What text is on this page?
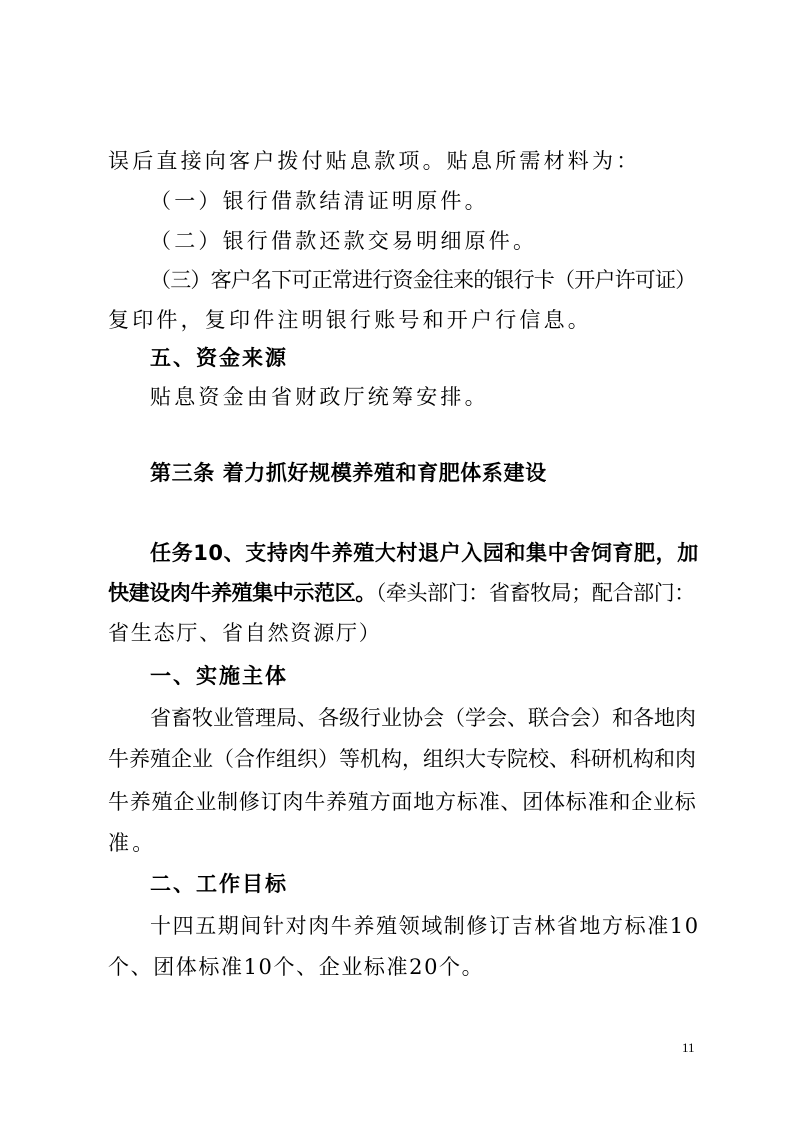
误后直接向客户拨付贴息款项。贴息所需材料为：
（一）银行借款结清证明原件。
（二）银行借款还款交易明细原件。
（三）客户名下可正常进行资金往来的银行卡（开户许可证）
复印件，复印件注明银行账号和开户行信息。
五、资金来源
贴息资金由省财政厅统筹安排。
第三条 着力抓好规模养殖和育肥体系建设
任务10、支持肉牛养殖大村退户入园和集中舍饲育肥，加
快建设肉牛养殖集中示范区。（牵头部门：省畜牧局；配合部门：
省生态厅、省自然资源厅）
一、实施主体
省畜牧业管理局、各级行业协会（学会、联合会）和各地肉
牛养殖企业（合作组织）等机构，组织大专院校、科研机构和肉
牛养殖企业制修订肉牛养殖方面地方标准、团体标准和企业标
准。
二、工作目标
十四五期间针对肉牛养殖领域制修订吉林省地方标准10
个、团体标准10个、企业标准20个。
11
